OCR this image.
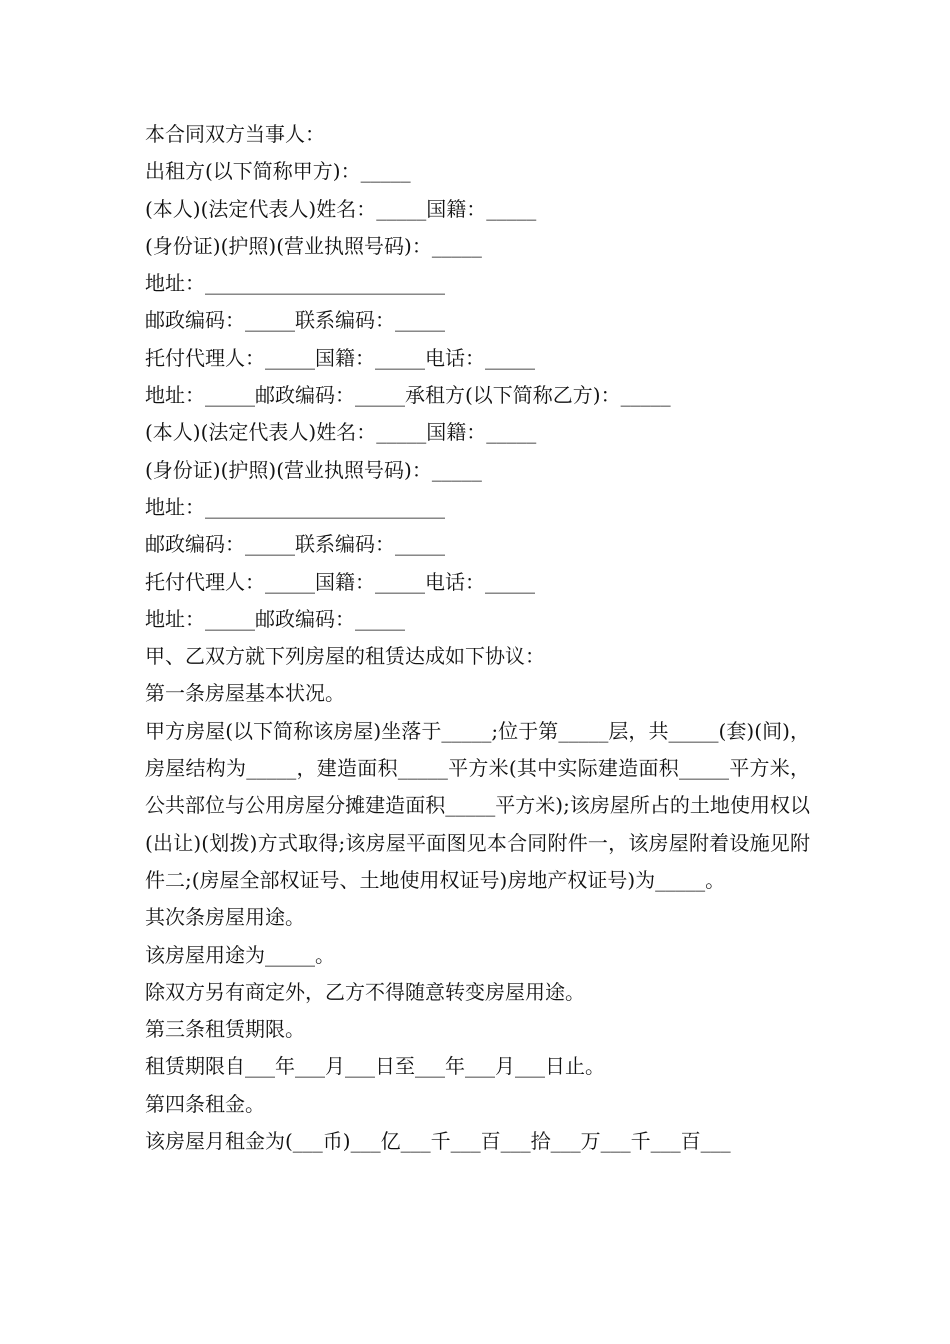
本合同双方当事人：
出租方(以下简称甲方)：_____
(本人)(法定代表人)姓名：_____国籍：_____
(身份证)(护照)(营业执照号码)：_____
地址：________________________
邮政编码：_____联系编码：_____
托付代理人：_____国籍：_____电话：_____
地址：_____邮政编码：_____承租方(以下简称乙方)：_____
(本人)(法定代表人)姓名：_____国籍：_____
(身份证)(护照)(营业执照号码)：_____
地址：________________________
邮政编码：_____联系编码：_____
托付代理人：_____国籍：_____电话：_____
地址：_____邮政编码：_____
甲、乙双方就下列房屋的租赁达成如下协议：
第一条房屋基本状况。
甲方房屋(以下简称该房屋)坐落于_____;位于第_____层，共_____(套)(间)，房屋结构为_____，建造面积_____平方米(其中实际建造面积_____平方米，公共部位与公用房屋分摊建造面积_____平方米);该房屋所占的土地使用权以(出让)(划拨)方式取得;该房屋平面图见本合同附件一，该房屋附着设施见附件二;(房屋全部权证号、土地使用权证号)房地产权证号)为_____。
其次条房屋用途。
该房屋用途为_____。
除双方另有商定外，乙方不得随意转变房屋用途。
第三条租赁期限。
租赁期限自___年___月___日至___年___月___日止。
第四条租金。
该房屋月租金为(___币)___亿___千___百___拾___万___千___百___
